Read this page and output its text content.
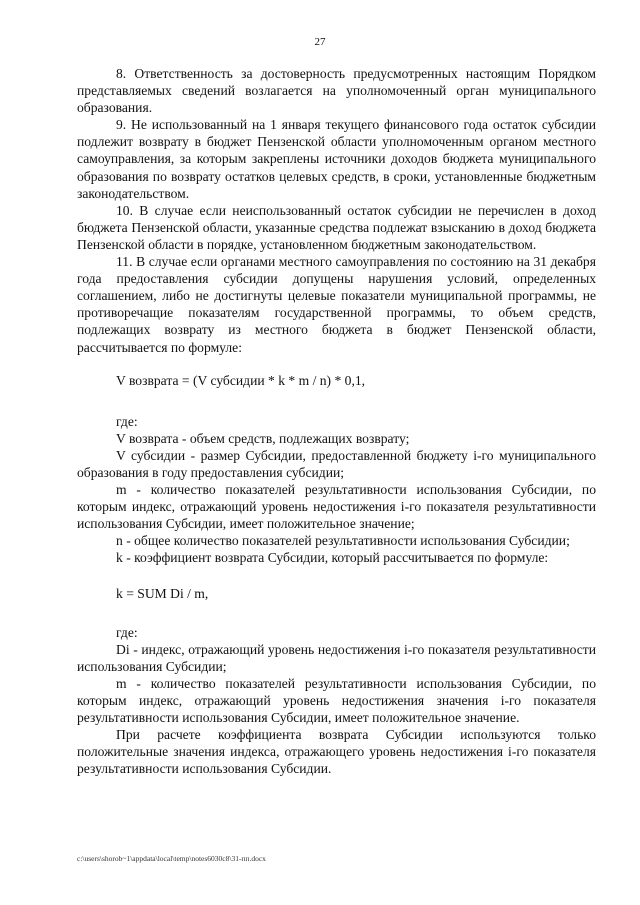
27

8. Ответственность за достоверность предусмотренных настоящим Порядком представляемых сведений возлагается на уполномоченный орган муниципального образования.

9. Не использованный на 1 января текущего финансового года остаток субсидии подлежит возврату в бюджет Пензенской области уполномоченным органом местного самоуправления, за которым закреплены источники доходов бюджета муниципального образования по возврату остатков целевых средств, в сроки, установленные бюджетным законодательством.

10. В случае если неиспользованный остаток субсидии не перечислен в доход бюджета Пензенской области, указанные средства подлежат взысканию в доход бюджета Пензенской области в порядке, установленном бюджетным законодательством.

11. В случае если органами местного самоуправления по состоянию на 31 декабря года предоставления субсидии допущены нарушения условий, определенных соглашением, либо не достигнуты целевые показатели муниципальной программы, не противоречащие показателям государственной программы, то объем средств, подлежащих возврату из местного бюджета в бюджет Пензенской области, рассчитывается по формуле:

V возврата = (V субсидии * k * m / n) * 0,1,

где:

V возврата - объем средств, подлежащих возврату;

V субсидии - размер Субсидии, предоставленной бюджету i-го муниципального образования в году предоставления субсидии;

m - количество показателей результативности использования Субсидии, по которым индекс, отражающий уровень недостижения i-го показателя результативности использования Субсидии, имеет положительное значение;

n - общее количество показателей результативности использования Субсидии;

k - коэффициент возврата Субсидии, который рассчитывается по формуле:

k = SUM Di / m,

где:

Di - индекс, отражающий уровень недостижения i-го показателя результативности использования Субсидии;

m - количество показателей результативности использования Субсидии, по которым индекс, отражающий уровень недостижения значения i-го показателя результативности использования Субсидии, имеет положительное значение.

При расчете коэффициента возврата Субсидии используются только положительные значения индекса, отражающего уровень недостижения i-го показателя результативности использования Субсидии.

c:\users\shorob~1\appdata\local\temp\notes6030c8\31-пп.docx
